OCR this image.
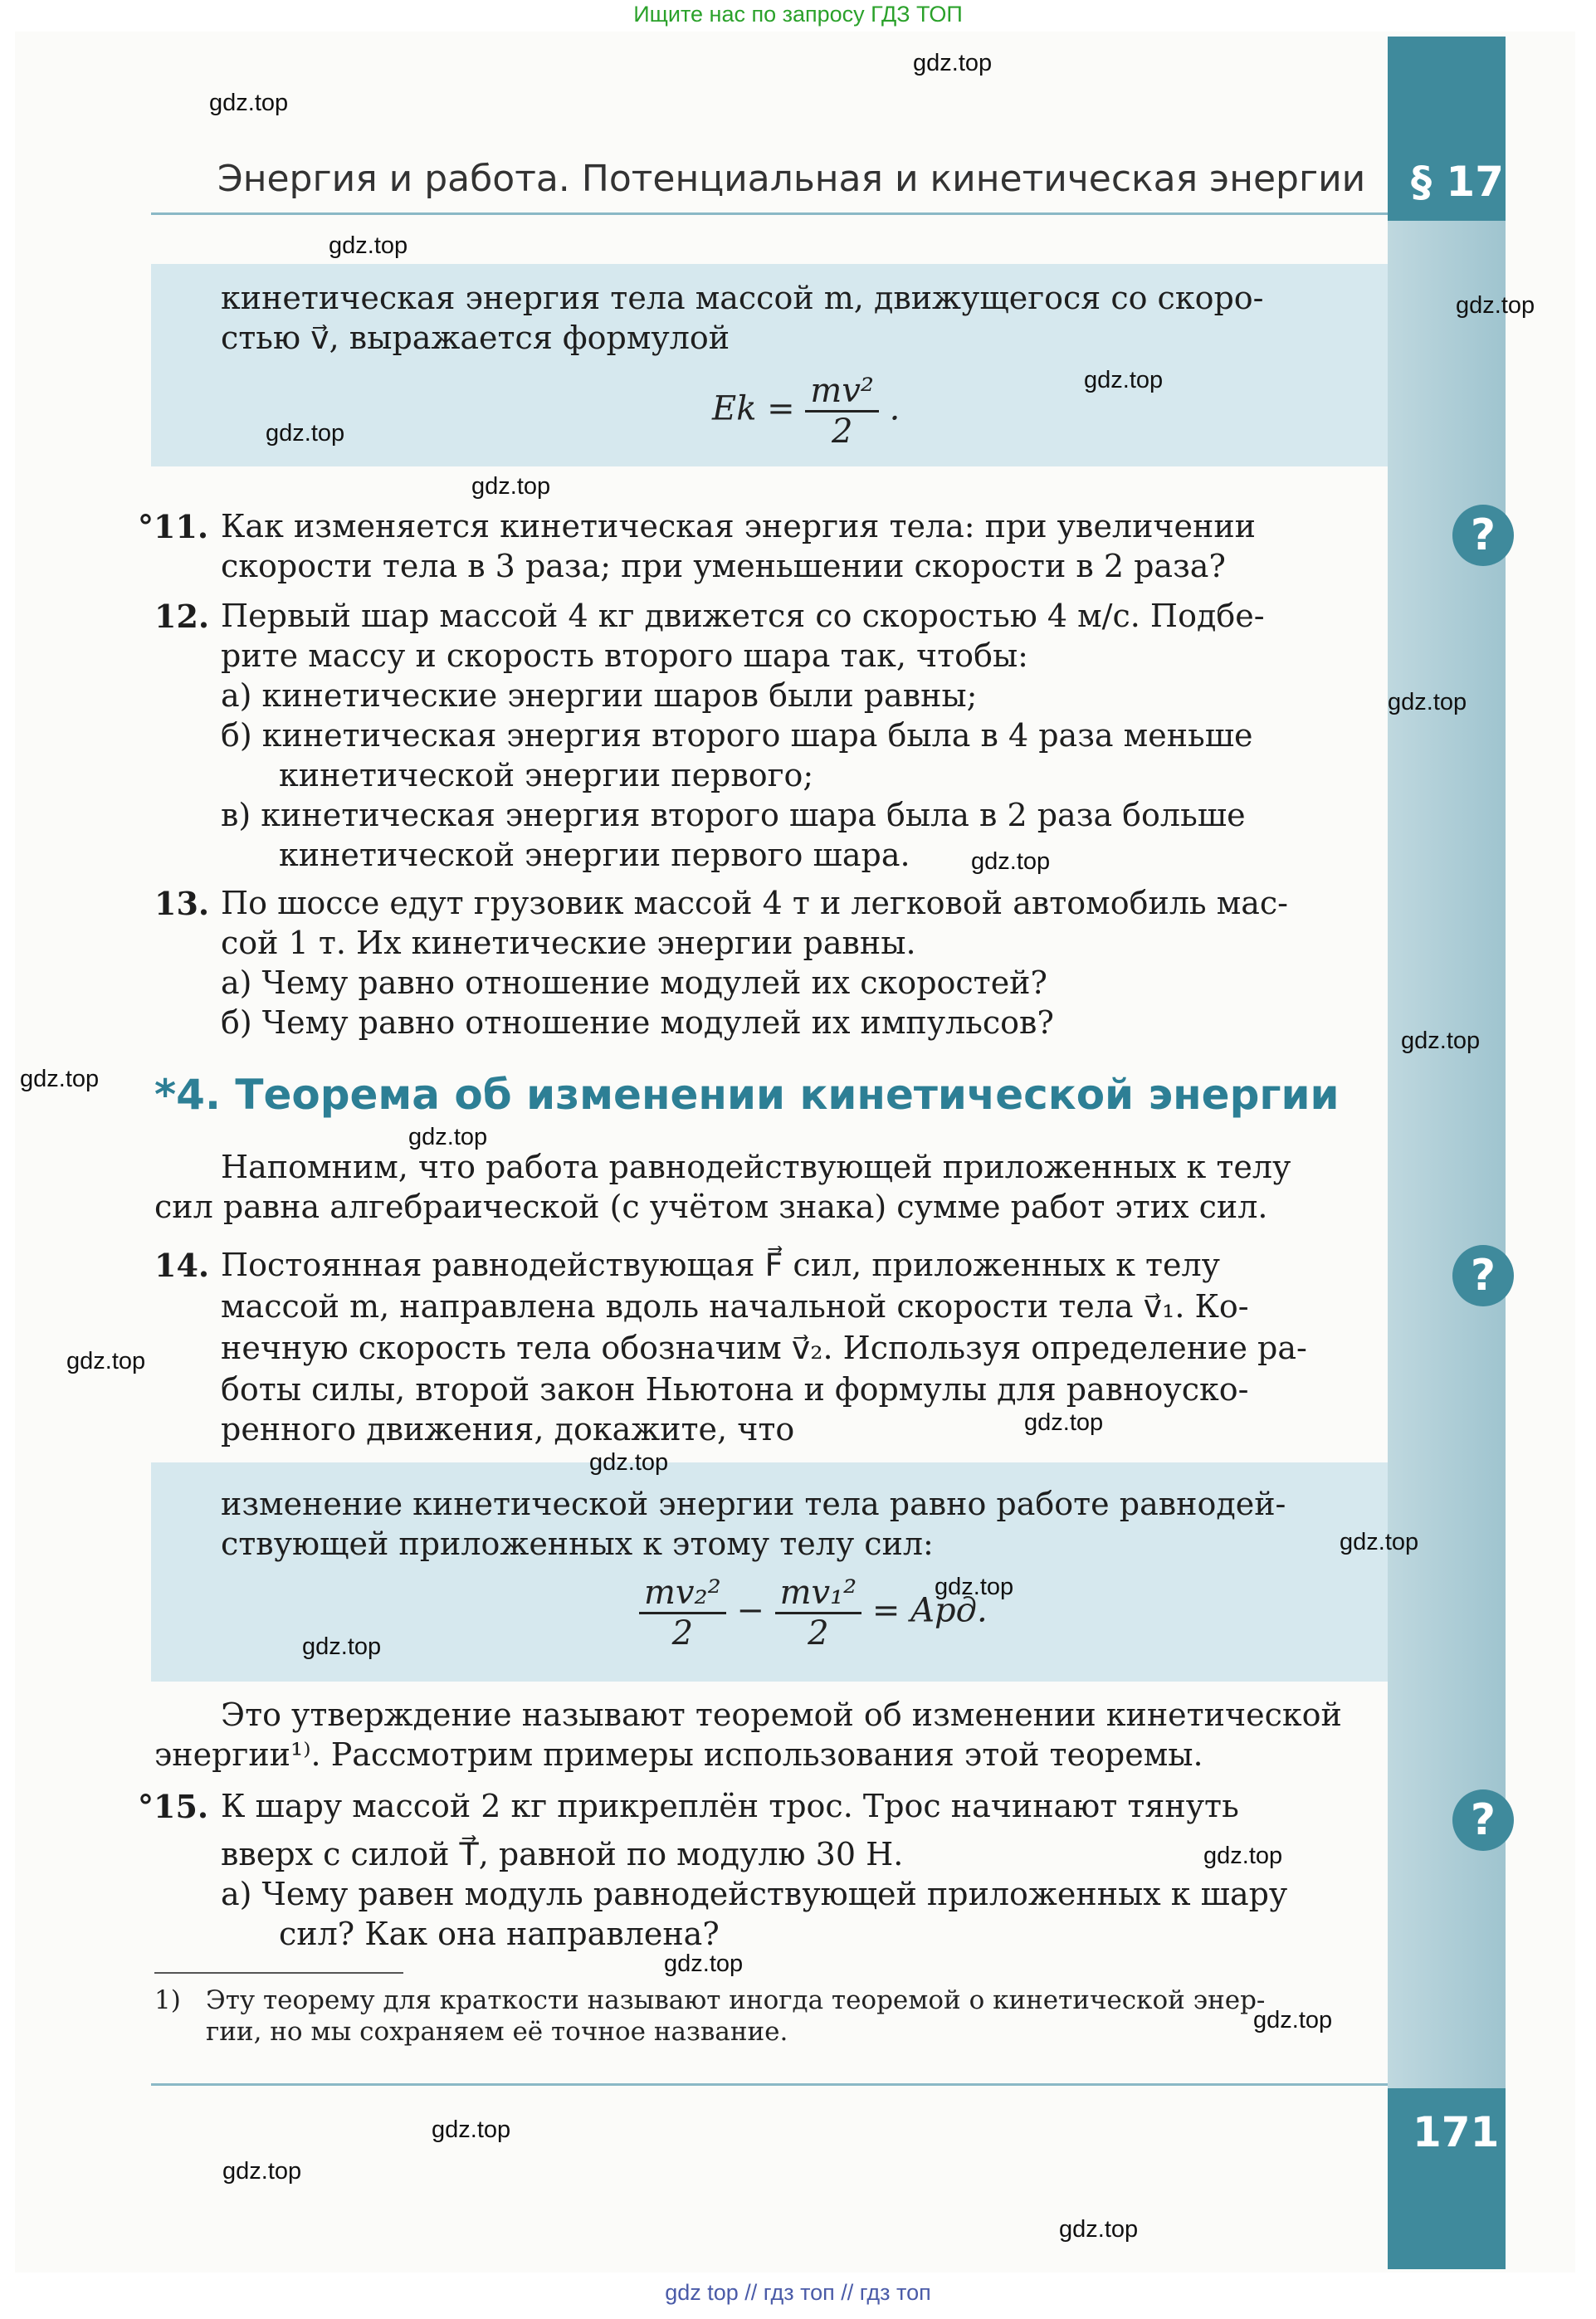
Ищите нас по запросу ГДЗ ТОП
Энергия и работа. Потенциальная и кинетическая энергии § 17
кинетическая энергия тела массой m, движущегося со скоро-
стью v⃗, выражается формулой
$Ek = \frac{\text{mv²}}{2}$ .
°11. Как изменяется кинетическая энергия тела: при увеличении
скорости тела в 3 раза; при уменьшении скорости в 2 раза?
?
12. Первый шар массой 4 кг движется со скоростью 4 м/с. Подбе-
рите массу и скорость второго шара так, чтобы:
а) кинетические энергии шаров были равны;
б) кинетическая энергия второго шара была в 4 раза меньше
кинетической энергии первого;
в) кинетическая энергия второго шара была в 2 раза больше
кинетической энергии первого шара.
13. По шоссе едут грузовик массой 4 т и легковой автомобиль мас-
сой 1 т. Их кинетические энергии равны.
а) Чему равно отношение модулей их скоростей?
б) Чему равно отношение модулей их импульсов?
*4. Теорема об изменении кинетической энергии
Напомним, что работа равнодействующей приложенных к телу
сил равна алгебраической (с учётом знака) сумме работ этих сил.
14. Постоянная равнодействующая F⃗ сил, приложенных к телу
массой m, направлена вдоль начальной скорости тела v⃗₁. Ко-
нечную скорость тела обозначим v⃗₂. Используя определение ра-
боты силы, второй закон Ньютона и формулы для равноуско-
ренного движения, докажите, что
?
изменение кинетической энергии тела равно работе равнодей-
ствующей приложенных к этому телу сил:
$\frac{\text{mv₂²}}{2} - \frac{\text{mv₁²}}{2}$ = Aрд.
Это утверждение называют теоремой об изменении кинетической
энергии¹⁾. Рассмотрим примеры использования этой теоремы.
°15. К шару массой 2 кг прикреплён трос. Трос начинают тянуть
вверх с силой T⃗, равной по модулю 30 Н.
а) Чему равен модуль равнодействующей приложенных к шару
сил? Как она направлена?
?
1) Эту теорему для краткости называют иногда теоремой о кинетической энер-
гии, но мы сохраняем её точное название.
171
gdz.top
gdz.top
gdz.top
gdz.top
gdz.top
gdz.top
gdz.top
gdz.top
gdz.top
gdz.top
gdz.top
gdz.top
gdz.top
gdz.top
gdz.top
gdz.top
gdz.top
gdz.top
gdz.top
gdz.top
gdz.top
gdz.top
gdz.top
gdz.top
gdz top // гдз топ // гдз топ
